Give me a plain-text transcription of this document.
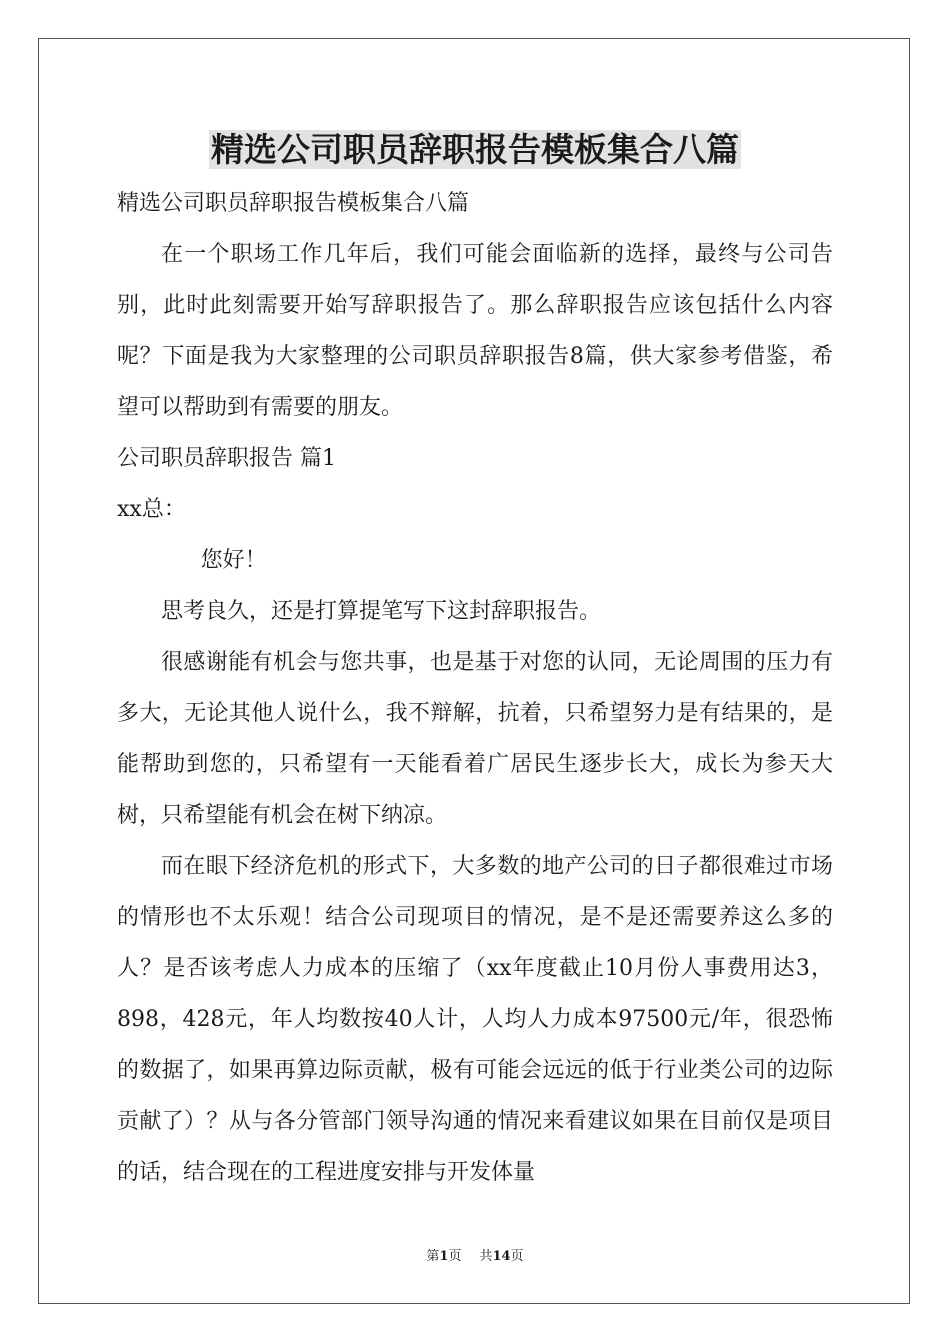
精选公司职员辞职报告模板集合八篇

精选公司职员辞职报告模板集合八篇

在一个职场工作几年后，我们可能会面临新的选择，最终与公司告别，此时此刻需要开始写辞职报告了。那么辞职报告应该包括什么内容呢？下面是我为大家整理的公司职员辞职报告8篇，供大家参考借鉴，希望可以帮助到有需要的朋友。

公司职员辞职报告 篇1

xx总：

您好！

思考良久，还是打算提笔写下这封辞职报告。

很感谢能有机会与您共事，也是基于对您的认同，无论周围的压力有多大，无论其他人说什么，我不辩解，抗着，只希望努力是有结果的，是能帮助到您的，只希望有一天能看着广居民生逐步长大，成长为参天大树，只希望能有机会在树下纳凉。

而在眼下经济危机的形式下，大多数的地产公司的日子都很难过市场的情形也不太乐观！结合公司现项目的情况，是不是还需要养这么多的人？是否该考虑人力成本的压缩了（xx年度截止10月份人事费用达3，898，428元，年人均数按40人计，人均人力成本97500元/年，很恐怖的数据了，如果再算边际贡献，极有可能会远远的低于行业类公司的边际贡献了）？从与各分管部门领导沟通的情况来看建议如果在目前仅是项目的话，结合现在的工程进度安排与开发体量

第1页 共14页
